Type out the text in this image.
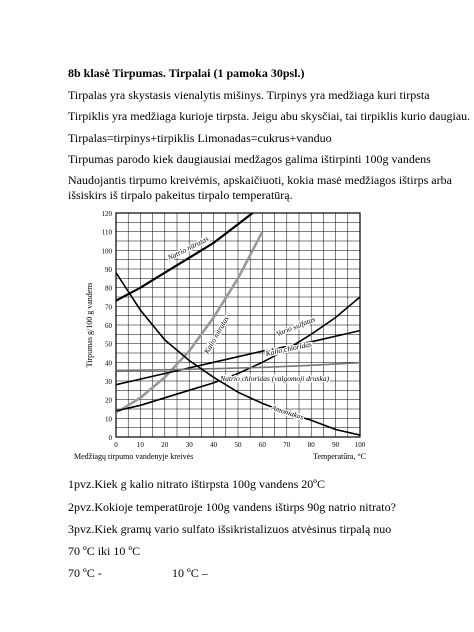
8b klasė Tirpumas. Tirpalai (1 pamoka 30psl.)
Tirpalas yra skystasis vienalytis mišinys. Tirpinys yra medžiaga kuri tirpsta
Tirpiklis yra medžiaga kurioje tirpsta. Jeigu abu skysčiai, tai tirpiklis kurio daugiau.
Tirpalas=tirpinys+tirpiklis Limonadas=cukrus+vanduo
Tirpumas parodo kiek daugiausiai medžagos galima ištirpinti 100g vandens
Naudojantis tirpumo kreivėmis, apskaičiuoti, kokia masė medžiagos ištirps arba
išsiskirs iš tirpalo pakeitus tirpalo temperatūrą.
0
10
20
30
40
50
60
70
80
90
100
110
120
0	10 20 30 40 50 60 70 80 90 100
Tirpumas g/100 g vandens
Medžiagų tirpumo vandenyje kreivės	Temperatūra, °C
Natrio nitratas
Kalio nitratas	Vario sulfatas
Kalio chloridas
Natrio chloridas (valgomoji druska)
Amoniakas
1pvz.Kiek g kalio nitrato ištirpsta 100g vandens 20ºC
2pvz.Kokioje temperatūroje 100g vandens ištirps 90g natrio nitrato?
3pvz.Kiek gramų vario sulfato išsikristalizuos atvėsinus tirpalą nuo
70 ºC iki 10 ºC
70 ºC -	10 ºC –
